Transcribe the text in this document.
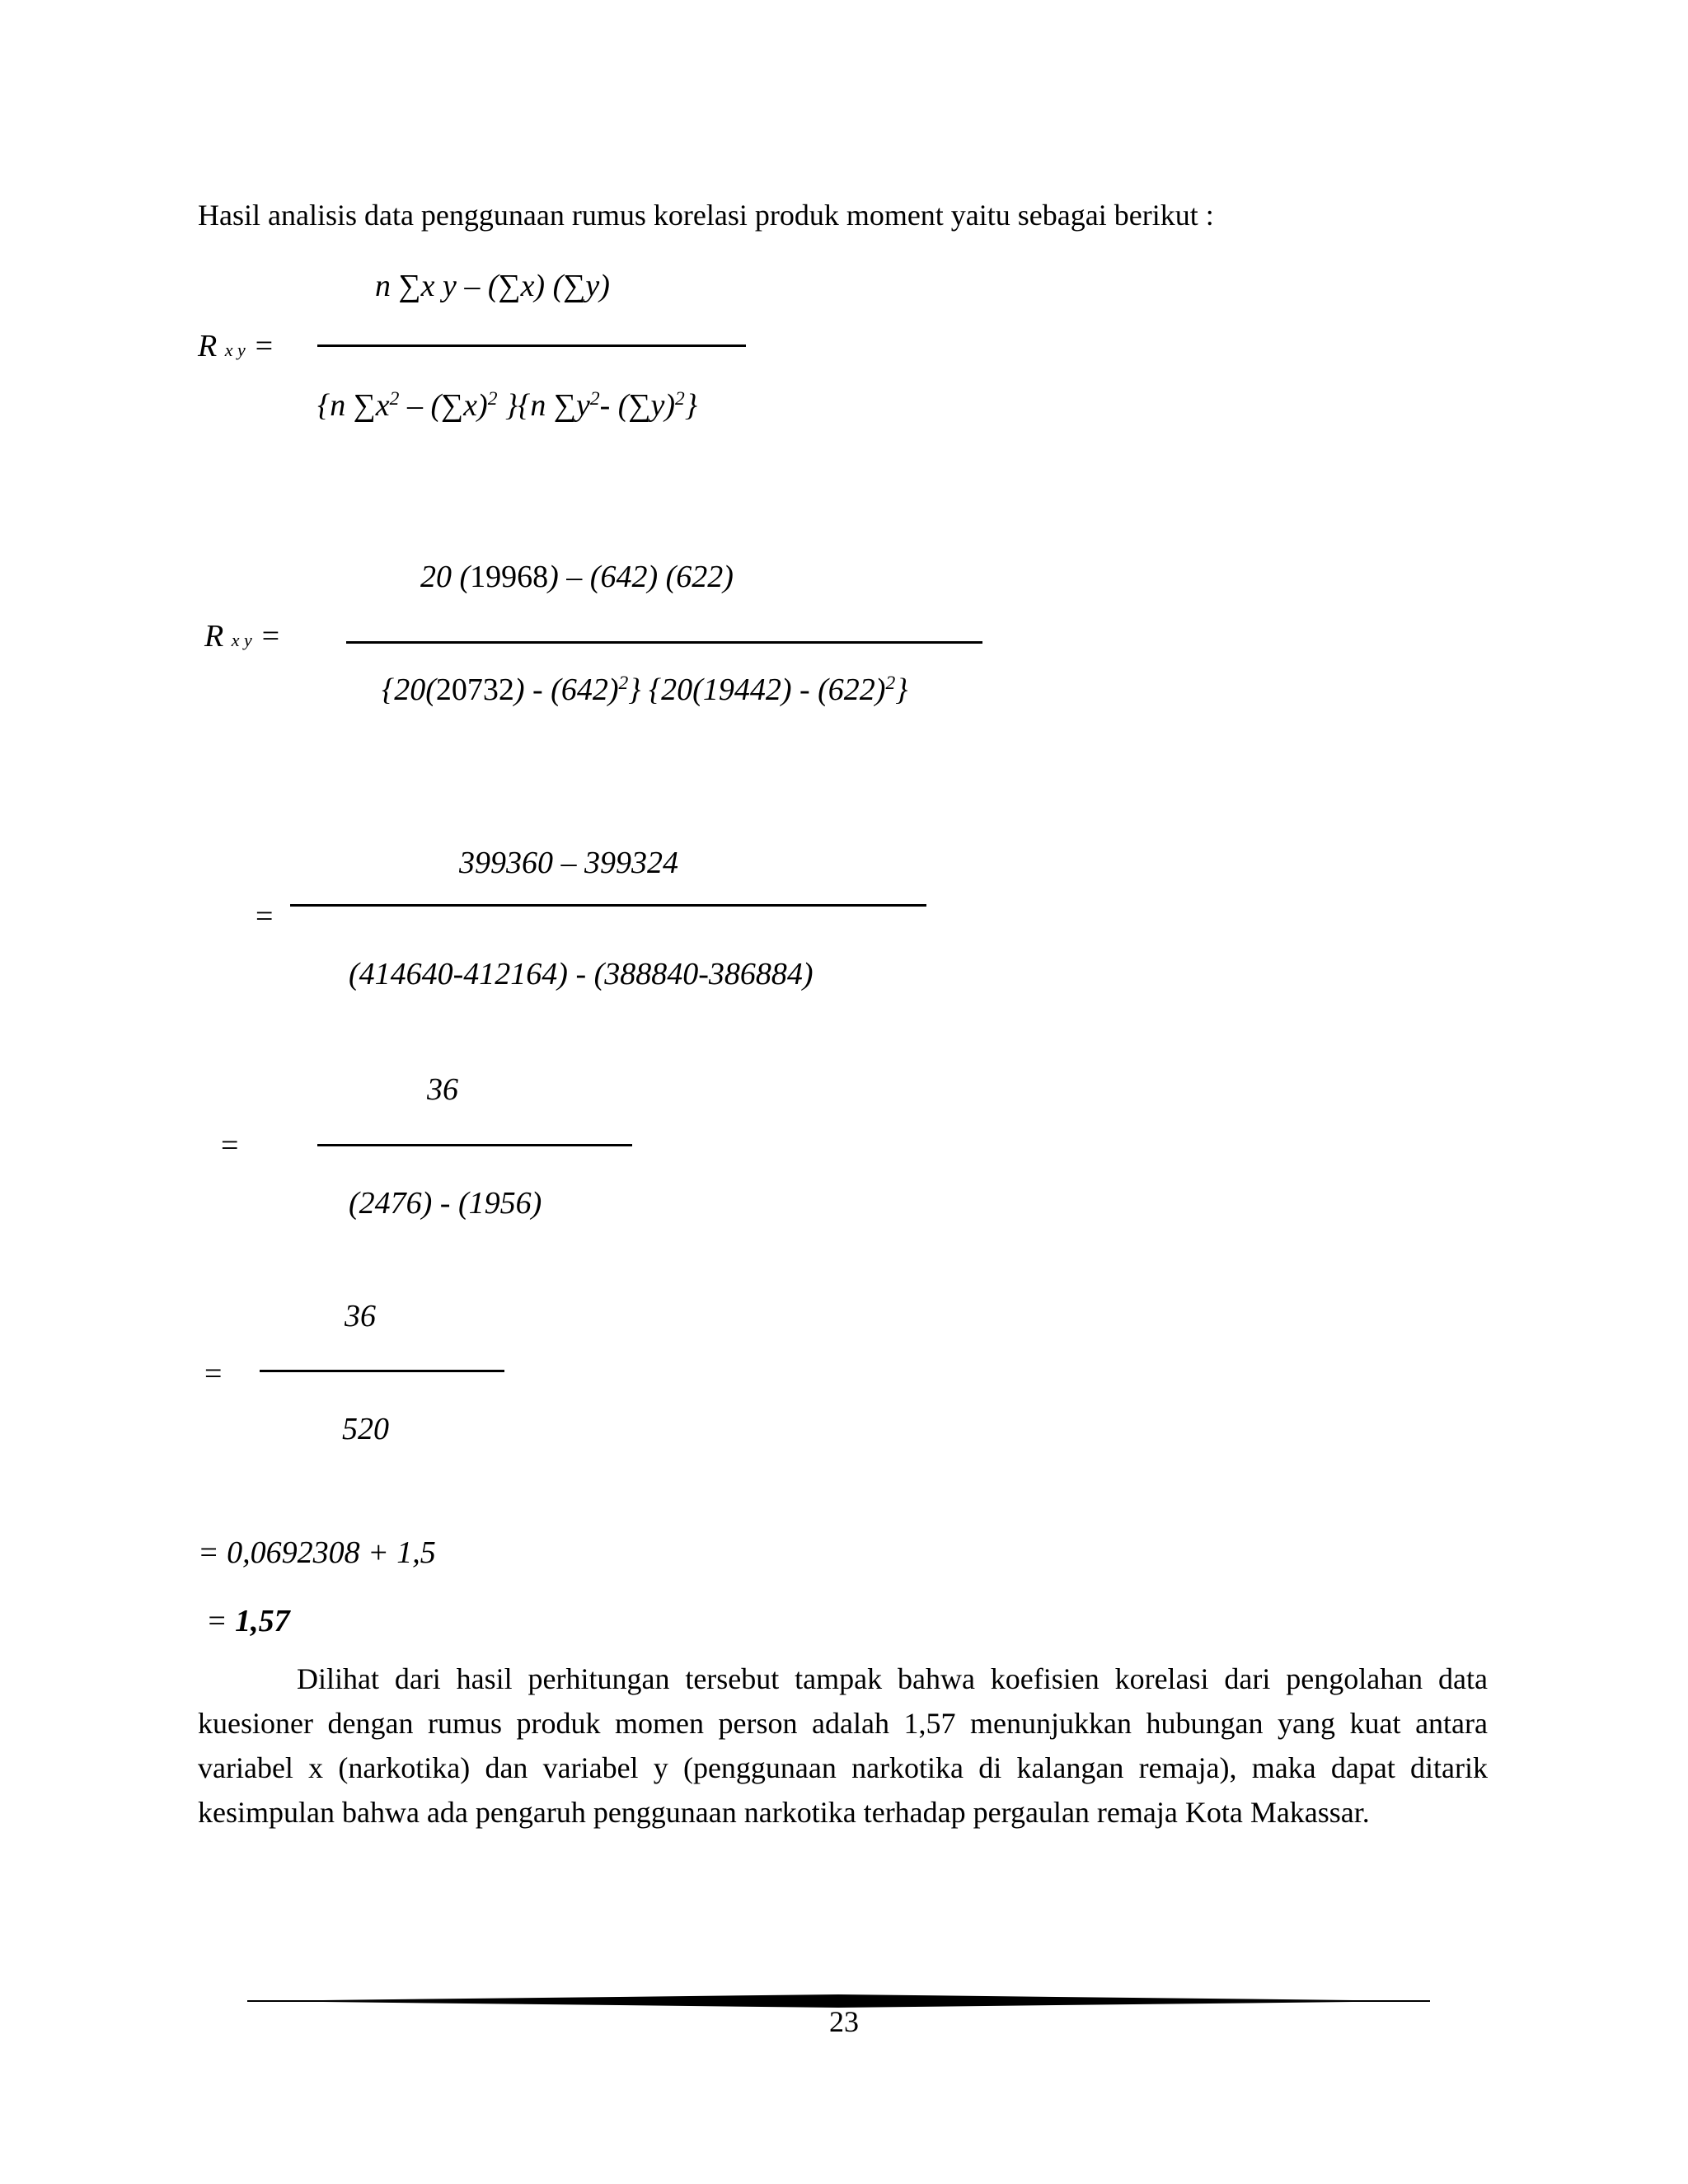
Hasil analisis data penggunaan rumus korelasi produk moment yaitu sebagai berikut :
n ∑x y – (∑x) (∑y)
R x y =
{n $\sum x^2 - (\sum x)^2$ }{n $\sum y^2-$ $(\sum y)^2$}
20 (19968) – (642) (622)
R x y =
$\{20(20732) - (642)^2\}$ $\{20(19442) - (622)^2\}$
399360 – 399324
=
(414640-412164) - (388840-386884)
36
=
(2476) - (1956)
36
=
520
= 0,0692308 + 1,5
= 1,57

Dilihat dari hasil perhitungan tersebut tampak bahwa koefisien korelasi dari pengolahan data kuesioner dengan rumus produk momen person adalah 1,57 menunjukkan hubungan yang kuat antara variabel x (narkotika) dan variabel y (penggunaan narkotika di kalangan remaja), maka dapat ditarik kesimpulan bahwa ada pengaruh penggunaan narkotika terhadap pergaulan remaja Kota Makassar.

23
